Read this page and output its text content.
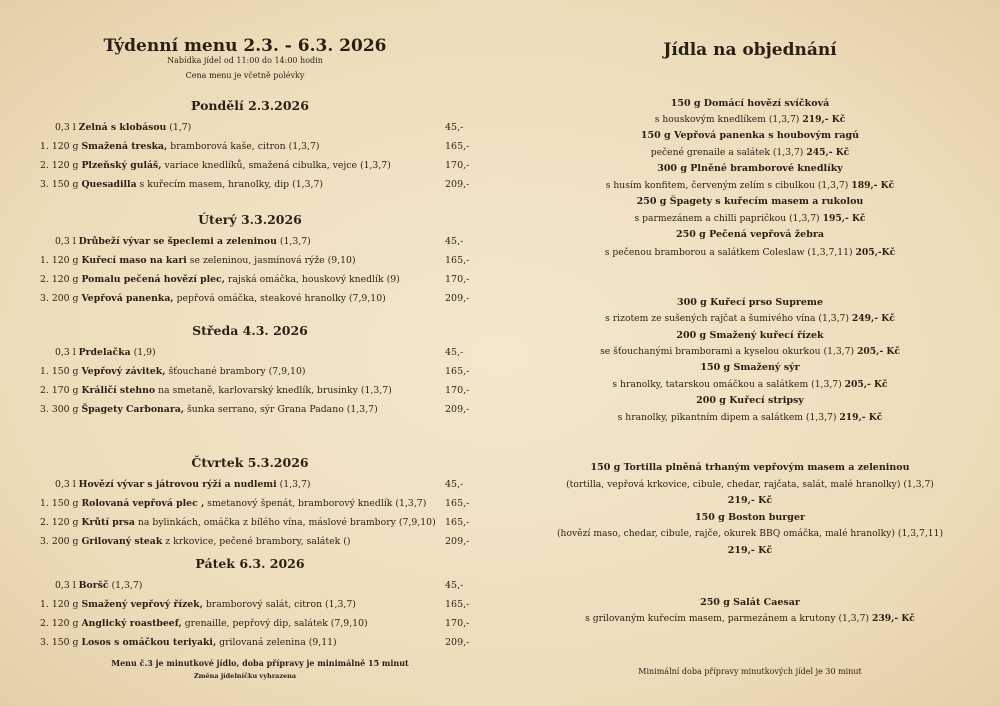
Týdenní menu 2.3. - 6.3. 2026
Nabídka jídel od 11:00 do 14:00 hodin
Cena menu je včetně polévky
Pondělí 2.3.2026
0,3 l Zelná s klobásou (1,7)	45,-
1. 120 g Smažená treska, bramborová kaše, citron (1,3,7)	165,-
2. 120 g Plzeňský guláš, variace knedlíků, smažená cibulka, vejce (1,3,7)	170,-
3. 150 g Quesadilla s kuřecím masem, hranolky, dip (1,3,7)	209,-
Úterý 3.3.2026
0,3 l Drůbeží vývar se špeclemi a zeleninou (1,3,7)	45,-
1. 120 g Kuřecí maso na kari se zeleninou, jasmínová rýže (9,10)	165,-
2. 120 g Pomalu pečená hovězí plec, rajská omáčka, houskový knedlík (9)	170,-
3. 200 g Vepřová panenka, pepřová omáčka, steakové hranolky (7,9,10)	209,-
Středa 4.3. 2026
0,3 l Prdelačka (1,9)	45,-
1. 150 g Vepřový závitek, šťouchané brambory (7,9,10)	165,-
2. 170 g Králičí stehno na smetaně, karlovarský knedlík, brusinky (1,3,7)	170,-
3. 300 g Špagety Carbonara, šunka serrano, sýr Grana Padano (1,3,7)	209,-
Čtvrtek 5.3.2026
0,3 l Hovězí vývar s játrovou rýží a nudlemi (1,3,7)	45,-
1. 150 g Rolovaná vepřová plec , smetanový špenát, bramborový knedlík (1,3,7) 165,-
2. 120 g Krůtí prsa na bylinkách, omáčka z bílého vína, máslové brambory (7,9,10) 165,-
3. 200 g Grilovaný steak z krkovice, pečené brambory, salátek ()	209,-
Pátek 6.3. 2026
0,3 l Boršč (1,3,7)	45,-
1. 120 g Smažený vepřový řízek, bramborový salát, citron (1,3,7)	165,-
2. 120 g Anglický roastbeef, grenaille, pepřový dip, salátek (7,9,10)	170,-
3. 150 g Losos s omáčkou teriyaki, grilovaná zelenina (9,11)	209,-
Menu č.3 je minutkové jídlo, doba přípravy je minimálně 15 minut
Změna jídelníčku vyhrazena
Jídla na objednání
150 g Domácí hovězí svíčková
s houskovým knedlíkem (1,3,7) 219,- Kč
150 g Vepřová panenka s houbovým ragú
pečené grenaile a salátek (1,3,7) 245,- Kč
300 g Plněné bramborové knedlíky
s husím konfitem, červeným zelím s cibulkou (1,3,7) 189,- Kč
250 g Špagety s kuřecím masem a rukolou
s parmezánem a chilli papričkou (1,3,7) 195,- Kč
250 g Pečená vepřová žebra
s pečenou bramborou a salátkem Coleslaw (1,3,7,11) 205,-Kč
300 g Kuřecí prso Supreme
s rizotem ze sušených rajčat a šumivého vína (1,3,7) 249,- Kč
200 g Smažený kuřecí řízek
se šťouchanými bramborami a kyselou okurkou (1,3,7) 205,- Kč
150 g Smažený sýr
s hranolky, tatarskou omáčkou a salátkem (1,3,7) 205,- Kč
200 g Kuřecí stripsy
s hranolky, pikantním dipem a salátkem (1,3,7) 219,- Kč
150 g Tortilla plněná trhaným vepřovým masem a zeleninou
(tortilla, vepřová krkovice, cibule, chedar, rajčata, salát, malé hranolky) (1,3,7)
219,- Kč
150 g Boston burger
(hovězí maso, chedar, cibule, rajče, okurek BBQ omáčka, malé hranolky) (1,3,7,11)
219,- Kč
250 g Salát Caesar
s grilovaným kuřecím masem, parmezánem a krutony (1,3,7) 239,- Kč
Minimální doba přípravy minutkových jídel je 30 minut
